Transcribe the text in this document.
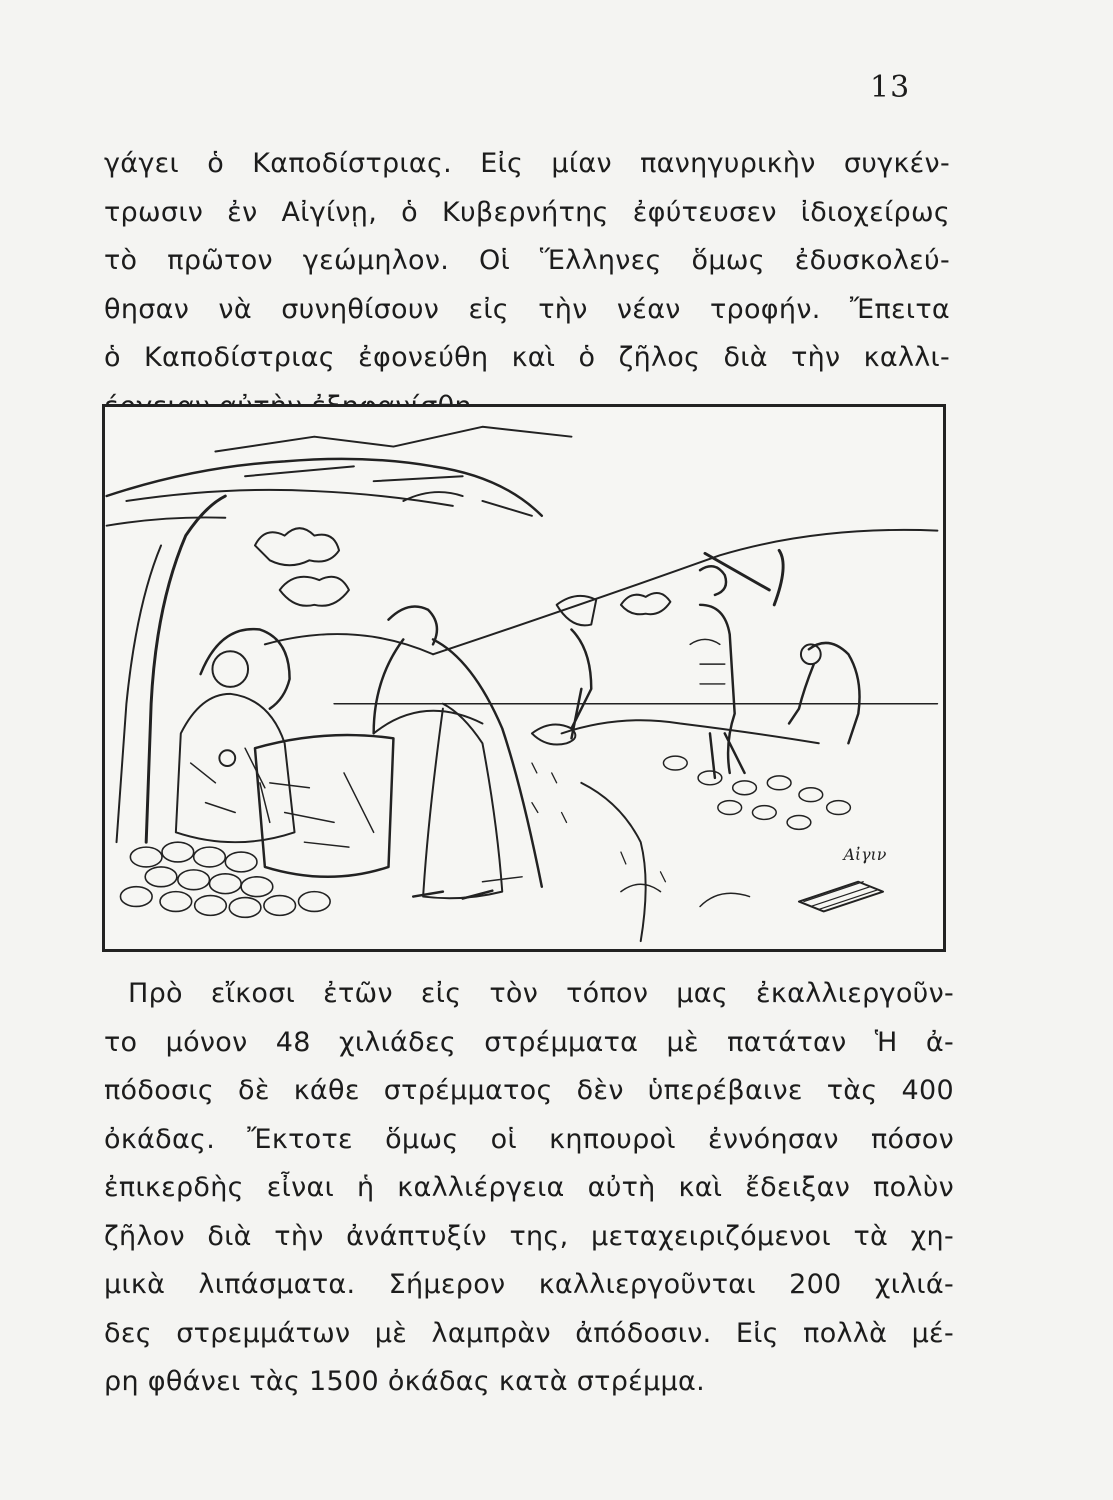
13
γάγει ὁ Καποδίστριας. Εἰς μίαν πανηγυρικὴν συγκέν-
τρωσιν ἐν Αἰγίνῃ, ὁ Κυβερνήτης ἐφύτευσεν ἰδιοχείρως
τὸ πρῶτον γεώμηλον. Οἱ Ἕλληνες ὅμως ἐδυσκολεύ-
θησαν νὰ συνηθίσουν εἰς τὴν νέαν τροφήν. Ἔπειτα
ὁ Καποδίστριας ἐφονεύθη καὶ ὁ ζῆλος διὰ τὴν καλλι-
Αἰγιν
Πρὸ εἴκοσι ἐτῶν εἰς τὸν τόπον μας ἐκαλλιεργοῦν-
το μόνον 48 χιλιάδες στρέμματα μὲ πατάταν Ἡ ἀ-
πόδοσις δὲ κάθε στρέμματος δὲν ὑπερέβαινε τὰς 400
ὀκάδας. Ἔκτοτε ὅμως οἱ κηπουροὶ ἐννόησαν πόσον
ἐπικερδὴς εἶναι ἡ καλλιέργεια αὐτὴ καὶ ἔδειξαν πολὺν
ζῆλον διὰ τὴν ἀνάπτυξίν της, μεταχειριζόμενοι τὰ χη-
μικὰ λιπάσματα. Σήμερον καλλιεργοῦνται 200 χιλιά-
δες στρεμμάτων μὲ λαμπρὰν ἀπόδοσιν. Εἰς πολλὰ μέ-
ρη φθάνει τὰς 1500 ὀκάδας κατὰ στρέμμα.
